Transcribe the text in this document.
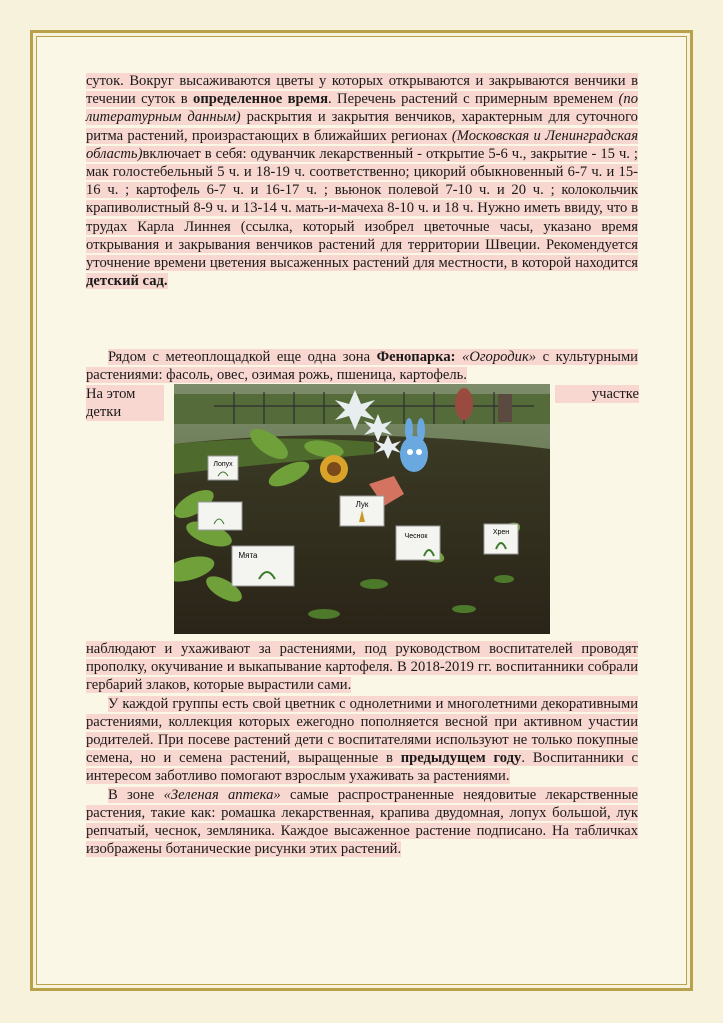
суток. Вокруг высаживаются цветы у которых открываются и закрываются венчики в течении суток в определенное время. Перечень растений с примерным временем (по литературным данным) раскрытия и закрытия венчиков, характерным для суточного ритма растений, произрастающих в ближайших регионах (Московская и Ленинградская область)включает в себя: одуванчик лекарственный - открытие 5-6 ч., закрытие - 15 ч. ; мак голостебельный 5 ч. и 18-19 ч. соответственно; цикорий обыкновенный 6-7 ч. и 15-16 ч. ; картофель 6-7 ч. и 16-17 ч. ; вьюнок полевой 7-10 ч. и 20 ч. ; колокольчик крапиволистный 8-9 ч. и 13-14 ч. мать-и-мачеха 8-10 ч. и 18 ч. Нужно иметь ввиду, что в трудах Карла Линнея (ссылка, который изобрел цветочные часы, указано время открывания и закрывания венчиков растений для территории Швеции. Рекомендуется уточнение времени цветения высаженных растений для местности, в которой находится детский сад.

Рядом с метеоплощадкой еще одна зона Фенопарка: «Огородик» с культурными растениями: фасоль, овес, озимая рожь, пшеница, картофель.

На этом
детки
участке
Лопух
Лук
Мята
Чеснок
Хрен

наблюдают и ухаживают за растениями, под руководством воспитателей проводят прополку, окучивание и выкапывание картофеля. В 2018-2019 гг. воспитанники собрали гербарий злаков, которые вырастили сами.

У каждой группы есть свой цветник с однолетними и многолетними декоративными растениями, коллекция которых ежегодно пополняется весной при активном участии родителей. При посеве растений дети с воспитателями используют не только покупные семена, но и семена растений, выращенные в предыдущем году. Воспитанники с интересом заботливо помогают взрослым ухаживать за растениями.

В зоне «Зеленая аптека» самые распространенные неядовитые лекарственные растения, такие как: ромашка лекарственная, крапива двудомная, лопух большой, лук репчатый, чеснок, земляника. Каждое высаженное растение подписано. На табличках изображены ботанические рисунки этих растений.
